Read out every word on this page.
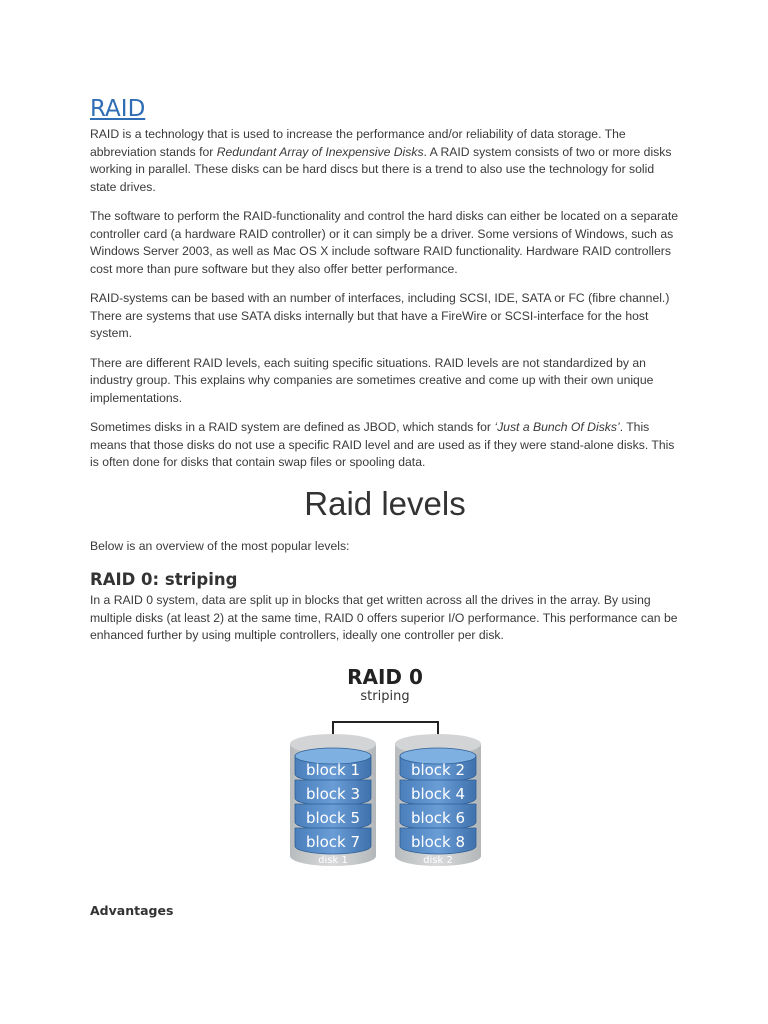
RAID

RAID is a technology that is used to increase the performance and/or reliability of data storage. The abbreviation stands for Redundant Array of Inexpensive Disks. A RAID system consists of two or more disks working in parallel. These disks can be hard discs but there is a trend to also use the technology for solid state drives.

The software to perform the RAID-functionality and control the hard disks can either be located on a separate controller card (a hardware RAID controller) or it can simply be a driver. Some versions of Windows, such as Windows Server 2003, as well as Mac OS X include software RAID functionality. Hardware RAID controllers cost more than pure software but they also offer better performance.

RAID-systems can be based with an number of interfaces, including SCSI, IDE, SATA or FC (fibre channel.) There are systems that use SATA disks internally but that have a FireWire or SCSI-interface for the host system.

There are different RAID levels, each suiting specific situations. RAID levels are not standardized by an industry group. This explains why companies are sometimes creative and come up with their own unique implementations.

Sometimes disks in a RAID system are defined as JBOD, which stands for ‘Just a Bunch Of Disks’. This means that those disks do not use a specific RAID level and are used as if they were stand-alone disks. This is often done for disks that contain swap files or spooling data.

Raid levels

Below is an overview of the most popular levels:

RAID 0: striping

In a RAID 0 system, data are split up in blocks that get written across all the drives in the array. By using multiple disks (at least 2) at the same time, RAID 0 offers superior I/O performance. This performance can be enhanced further by using multiple controllers, ideally one controller per disk.

RAID 0
striping
block 1
block 3
block 5
block 7
disk 1
block 2
block 4
block 6
block 8
disk 2
Advantages
